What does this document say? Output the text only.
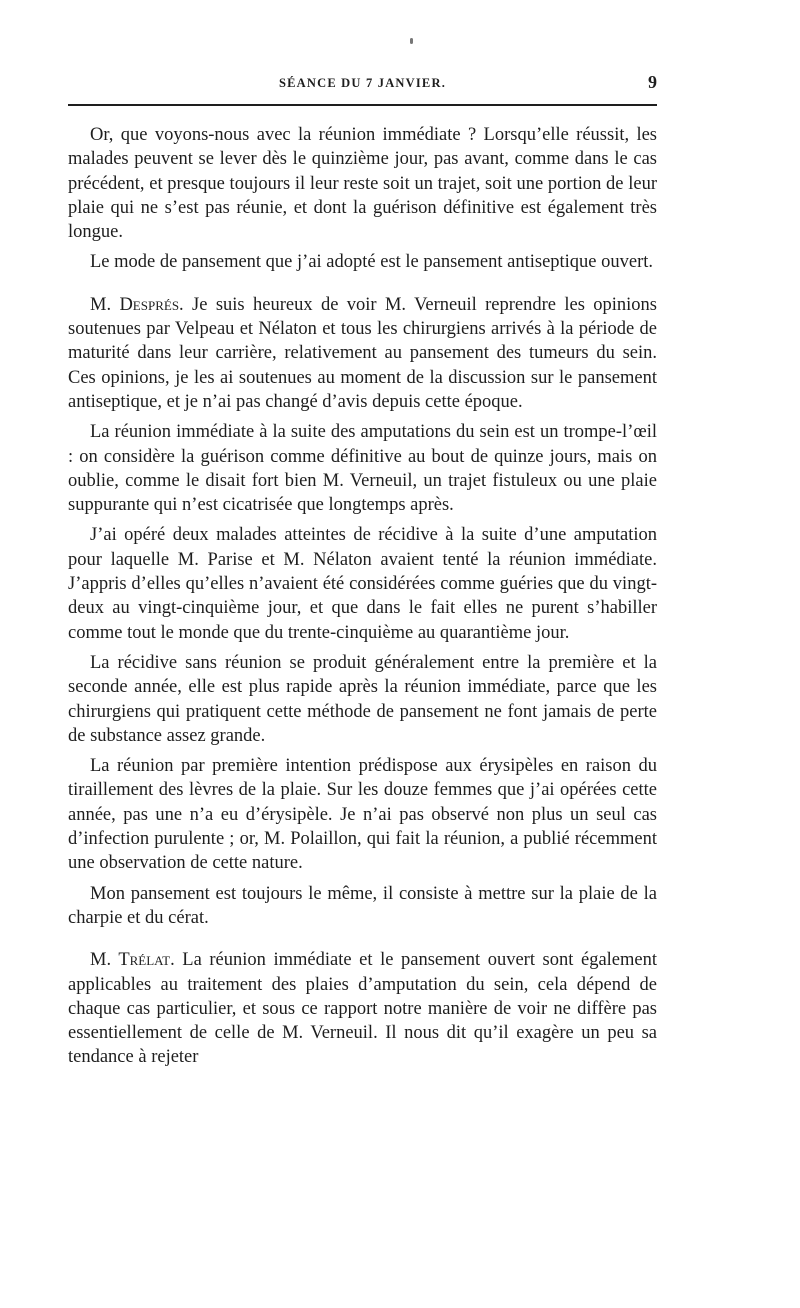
SÉANCE DU 7 JANVIER.	9

Or, que voyons-nous avec la réunion immédiate ? Lorsqu’elle réussit, les malades peuvent se lever dès le quinzième jour, pas avant, comme dans le cas précédent, et presque toujours il leur reste soit un trajet, soit une portion de leur plaie qui ne s’est pas réunie, et dont la guérison définitive est également très longue.

Le mode de pansement que j’ai adopté est le pansement antiseptique ouvert.

M. Després. Je suis heureux de voir M. Verneuil reprendre les opinions soutenues par Velpeau et Nélaton et tous les chirurgiens arrivés à la période de maturité dans leur carrière, relativement au pansement des tumeurs du sein. Ces opinions, je les ai soutenues au moment de la discussion sur le pansement antiseptique, et je n’ai pas changé d’avis depuis cette époque.

La réunion immédiate à la suite des amputations du sein est un trompe-l’œil : on considère la guérison comme définitive au bout de quinze jours, mais on oublie, comme le disait fort bien M. Verneuil, un trajet fistuleux ou une plaie suppurante qui n’est cicatrisée que longtemps après.

J’ai opéré deux malades atteintes de récidive à la suite d’une amputation pour laquelle M. Parise et M. Nélaton avaient tenté la réunion immédiate. J’appris d’elles qu’elles n’avaient été considérées comme guéries que du vingt-deux au vingt-cinquième jour, et que dans le fait elles ne purent s’habiller comme tout le monde que du trente-cinquième au quarantième jour.

La récidive sans réunion se produit généralement entre la première et la seconde année, elle est plus rapide après la réunion immédiate, parce que les chirurgiens qui pratiquent cette méthode de pansement ne font jamais de perte de substance assez grande.

La réunion par première intention prédispose aux érysipèles en raison du tiraillement des lèvres de la plaie. Sur les douze femmes que j’ai opérées cette année, pas une n’a eu d’érysipèle. Je n’ai pas observé non plus un seul cas d’infection purulente ; or, M. Polaillon, qui fait la réunion, a publié récemment une observation de cette nature.

Mon pansement est toujours le même, il consiste à mettre sur la plaie de la charpie et du cérat.

M. Trélat. La réunion immédiate et le pansement ouvert sont également applicables au traitement des plaies d’amputation du sein, cela dépend de chaque cas particulier, et sous ce rapport notre manière de voir ne diffère pas essentiellement de celle de M. Verneuil. Il nous dit qu’il exagère un peu sa tendance à rejeter
